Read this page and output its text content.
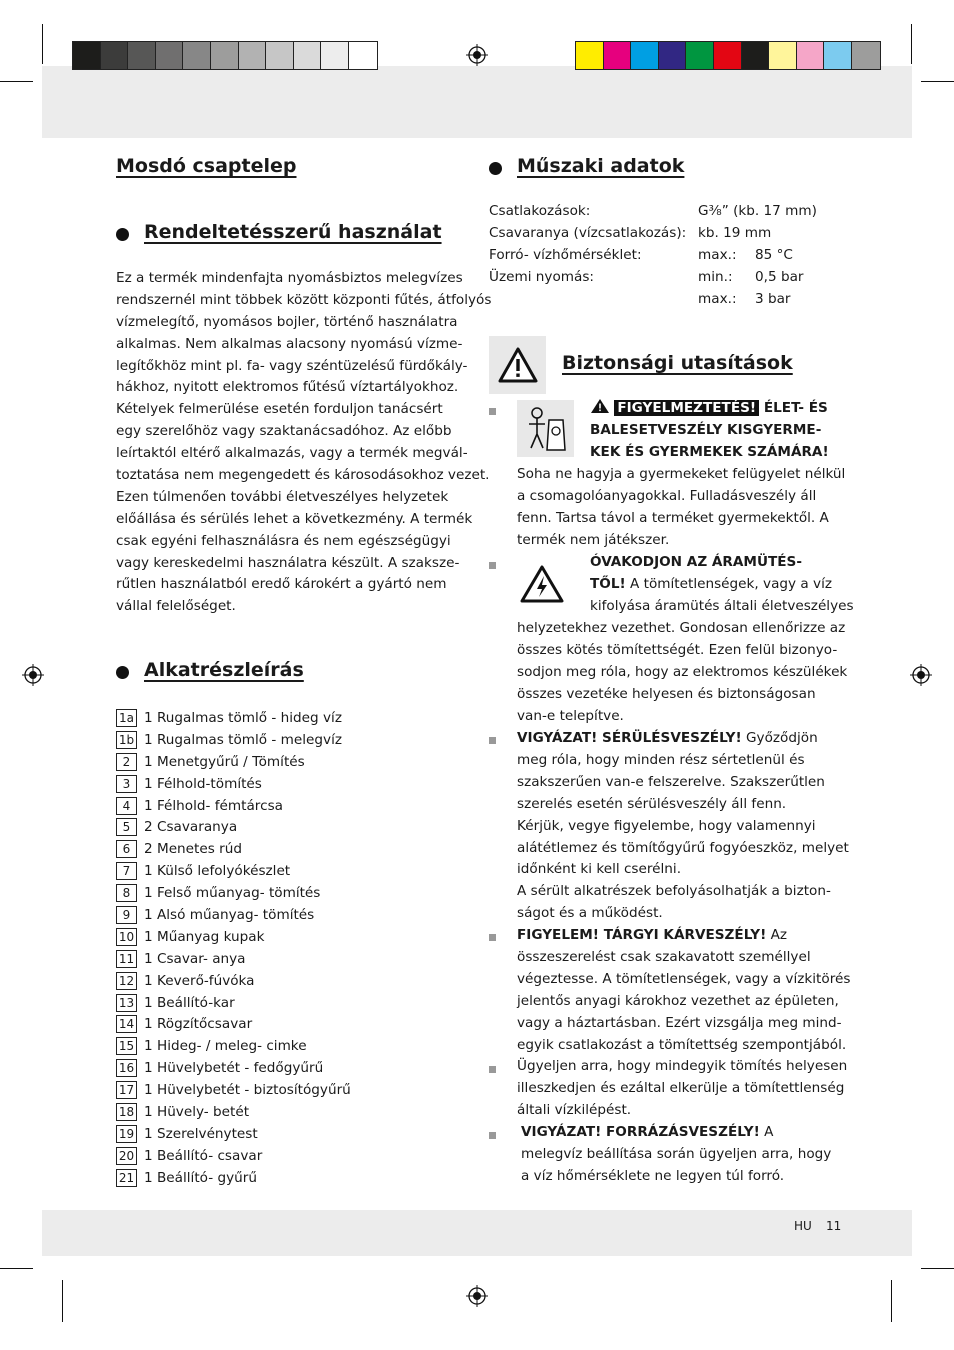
Mosdó csaptelep
Rendeltetésszerű használat
Ez a termék mindenfajta nyomásbiztos melegvízes
rendszernél mint többek között központi fűtés, átfolyós
vízmelegítő, nyomásos bojler, történő használatra
alkalmas. Nem alkalmas alacsony nyomású vízme-
legítőkhöz mint pl. fa- vagy széntüzelésű fürdőkály-
hákhoz, nyitott elektromos fűtésű víztartályokhoz.
Kételyek felmerülése esetén forduljon tanácsért
egy szerelőhöz vagy szaktanácsadóhoz. Az előbb
leírtaktól eltérő alkalmazás, vagy a termék megvál-
toztatása nem megengedett és károsodásokhoz vezet.
Ezen túlmenően további életveszélyes helyzetek
előállása és sérülés lehet a következmény. A termék
csak egyéni felhasználásra és nem egészségügyi
vagy kereskedelmi használatra készült. A szaksze-
rűtlen használatból eredő károkért a gyártó nem
vállal felelőséget.
Alkatrészleírás
1a 1 Rugalmas tömlő - hideg víz
1b 1 Rugalmas tömlő - melegvíz
2	1 Menetgyűrű / Tömítés
3	1 Félhold-tömítés
4	1 Félhold- fémtárcsa
5	2 Csavaranya
6	2 Menetes rúd
7	1 Külső lefolyókészlet
8	1 Felső műanyag- tömítés
9	1 Alsó műanyag- tömítés
10 1 Műanyag kupak
11 1 Csavar- anya
12 1 Keverő-fúvóka
13 1 Beállító-kar
14 1 Rögzítőcsavar
15 1 Hideg- / meleg- cimke
16 1 Hüvelybetét - fedőgyűrű
17 1 Hüvelybetét - biztosítógyűrű
18 1 Hüvely- betét
19 1 Szerelvénytest
20 1 Beállító- csavar
21 1 Beállító- gyűrű
Műszaki adatok
Csatlakozások:	G⅜” (kb. 17 mm)
Csavaranya (vízcsatlakozás): kb. 19 mm
Forró- vízhőmérséklet:	max.:	85 °C
Üzemi nyomás:	min.:	0,5 bar
max.:	3 bar
Biztonsági utasítások
FIGYELMEZTETÉS! ÉLET- ÉS
BALESETVESZÉLY KISGYERME-
KEK ÉS GYERMEKEK SZÁMÁRA!
Soha ne hagyja a gyermekeket felügyelet nélkül
a csomagolóanyagokkal. Fulladásveszély áll
fenn. Tartsa távol a terméket gyermekektől. A
termék nem játékszer.
ÓVAKODJON AZ ÁRAMÜTÉS-
TŐL! A tömítetlenségek, vagy a víz
kifolyása áramütés általi életveszélyes
helyzetekhez vezethet. Gondosan ellenőrizze az
összes kötés tömítettségét. Ezen felül bizonyo-
sodjon meg róla, hogy az elektromos készülékek
összes vezetéke helyesen és biztonságosan
van-e telepítve.
VIGYÁZAT! SÉRÜLÉSVESZÉLY! Győződjön
meg róla, hogy minden rész sértetlenül és
szakszerűen van-e felszerelve. Szakszerűtlen
szerelés esetén sérülésveszély áll fenn.
Kérjük, vegye figyelembe, hogy valamennyi
alátétlemez és tömítőgyűrű fogyóeszköz, melyet
időnként ki kell cserélni.
A sérült alkatrészek befolyásolhatják a bizton-
ságot és a működést.
FIGYELEM! TÁRGYI KÁRVESZÉLY! Az
összeszerelést csak szakavatott személlyel
végeztesse. A tömítetlenségek, vagy a vízkitörés
jelentős anyagi károkhoz vezethet az épületen,
vagy a háztartásban. Ezért vizsgálja meg mind-
egyik csatlakozást a tömítettség szempontjából.
Ügyeljen arra, hogy mindegyik tömítés helyesen
illeszkedjen és ezáltal elkerülje a tömítettlenség
általi vízkilépést.
VIGYÁZAT! FORRÁZÁSVESZÉLY! A
melegvíz beállítása során ügyeljen arra, hogy
a víz hőmérséklete ne legyen túl forró.
HU 11
